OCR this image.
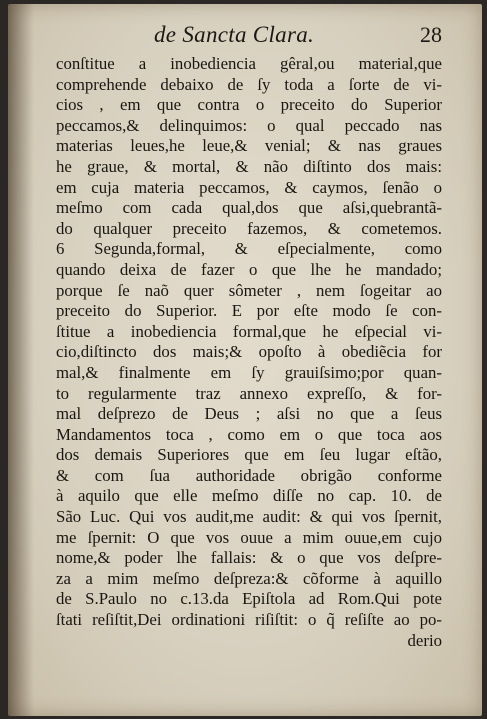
de Sancta Clara.	28
conſtitue a inobediencia gêral,ou material,que
comprehende debaixo de ſy toda a ſorte de vi-
cios , em que contra o preceito do Superior
peccamos,& delinquimos: o qual peccado nas
materias leues,he leue,& venial; & nas graues
he graue, & mortal, & não diſtinto dos mais:
em cuja materia peccamos, & caymos, ſenão o
meſmo com cada qual,dos que aſsi,quebrantã-
do qualquer preceito fazemos, & cometemos.
6 Segunda,formal, & eſpecialmente, como
quando deixa de fazer o que lhe he mandado;
porque ſe naõ quer sômeter , nem ſogeitar ao
preceito do Superior. E por eſte modo ſe con-
ſtitue a inobediencia formal,que he eſpecial vi-
cio,diſtincto dos mais;& opoſto à obediẽcia for
mal,& finalmente em ſy grauiſsimo;por quan-
to regularmente traz annexo expreſſo, & for-
mal deſprezo de Deus ; aſsi no que a ſeus
Mandamentos toca , como em o que toca aos
dos demais Superiores que em ſeu lugar eſtão,
& com ſua authoridade obrigão conforme
à aquilo que elle meſmo diſſe no cap. 10. de
São Luc. Qui vos audit,me audit: & qui vos ſpernit,
me ſpernit: O que vos ouue a mim ouue,em cujo
nome,& poder lhe fallais: & o que vos deſpre-
za a mim meſmo deſpreza:& cõforme à aquillo
de S.Paulo no c.13.da Epiſtola ad Rom.Qui pote
ſtati reſiſtit,Dei ordinationi riſiſtit: o q̃ reſiſte ao po-
derio
